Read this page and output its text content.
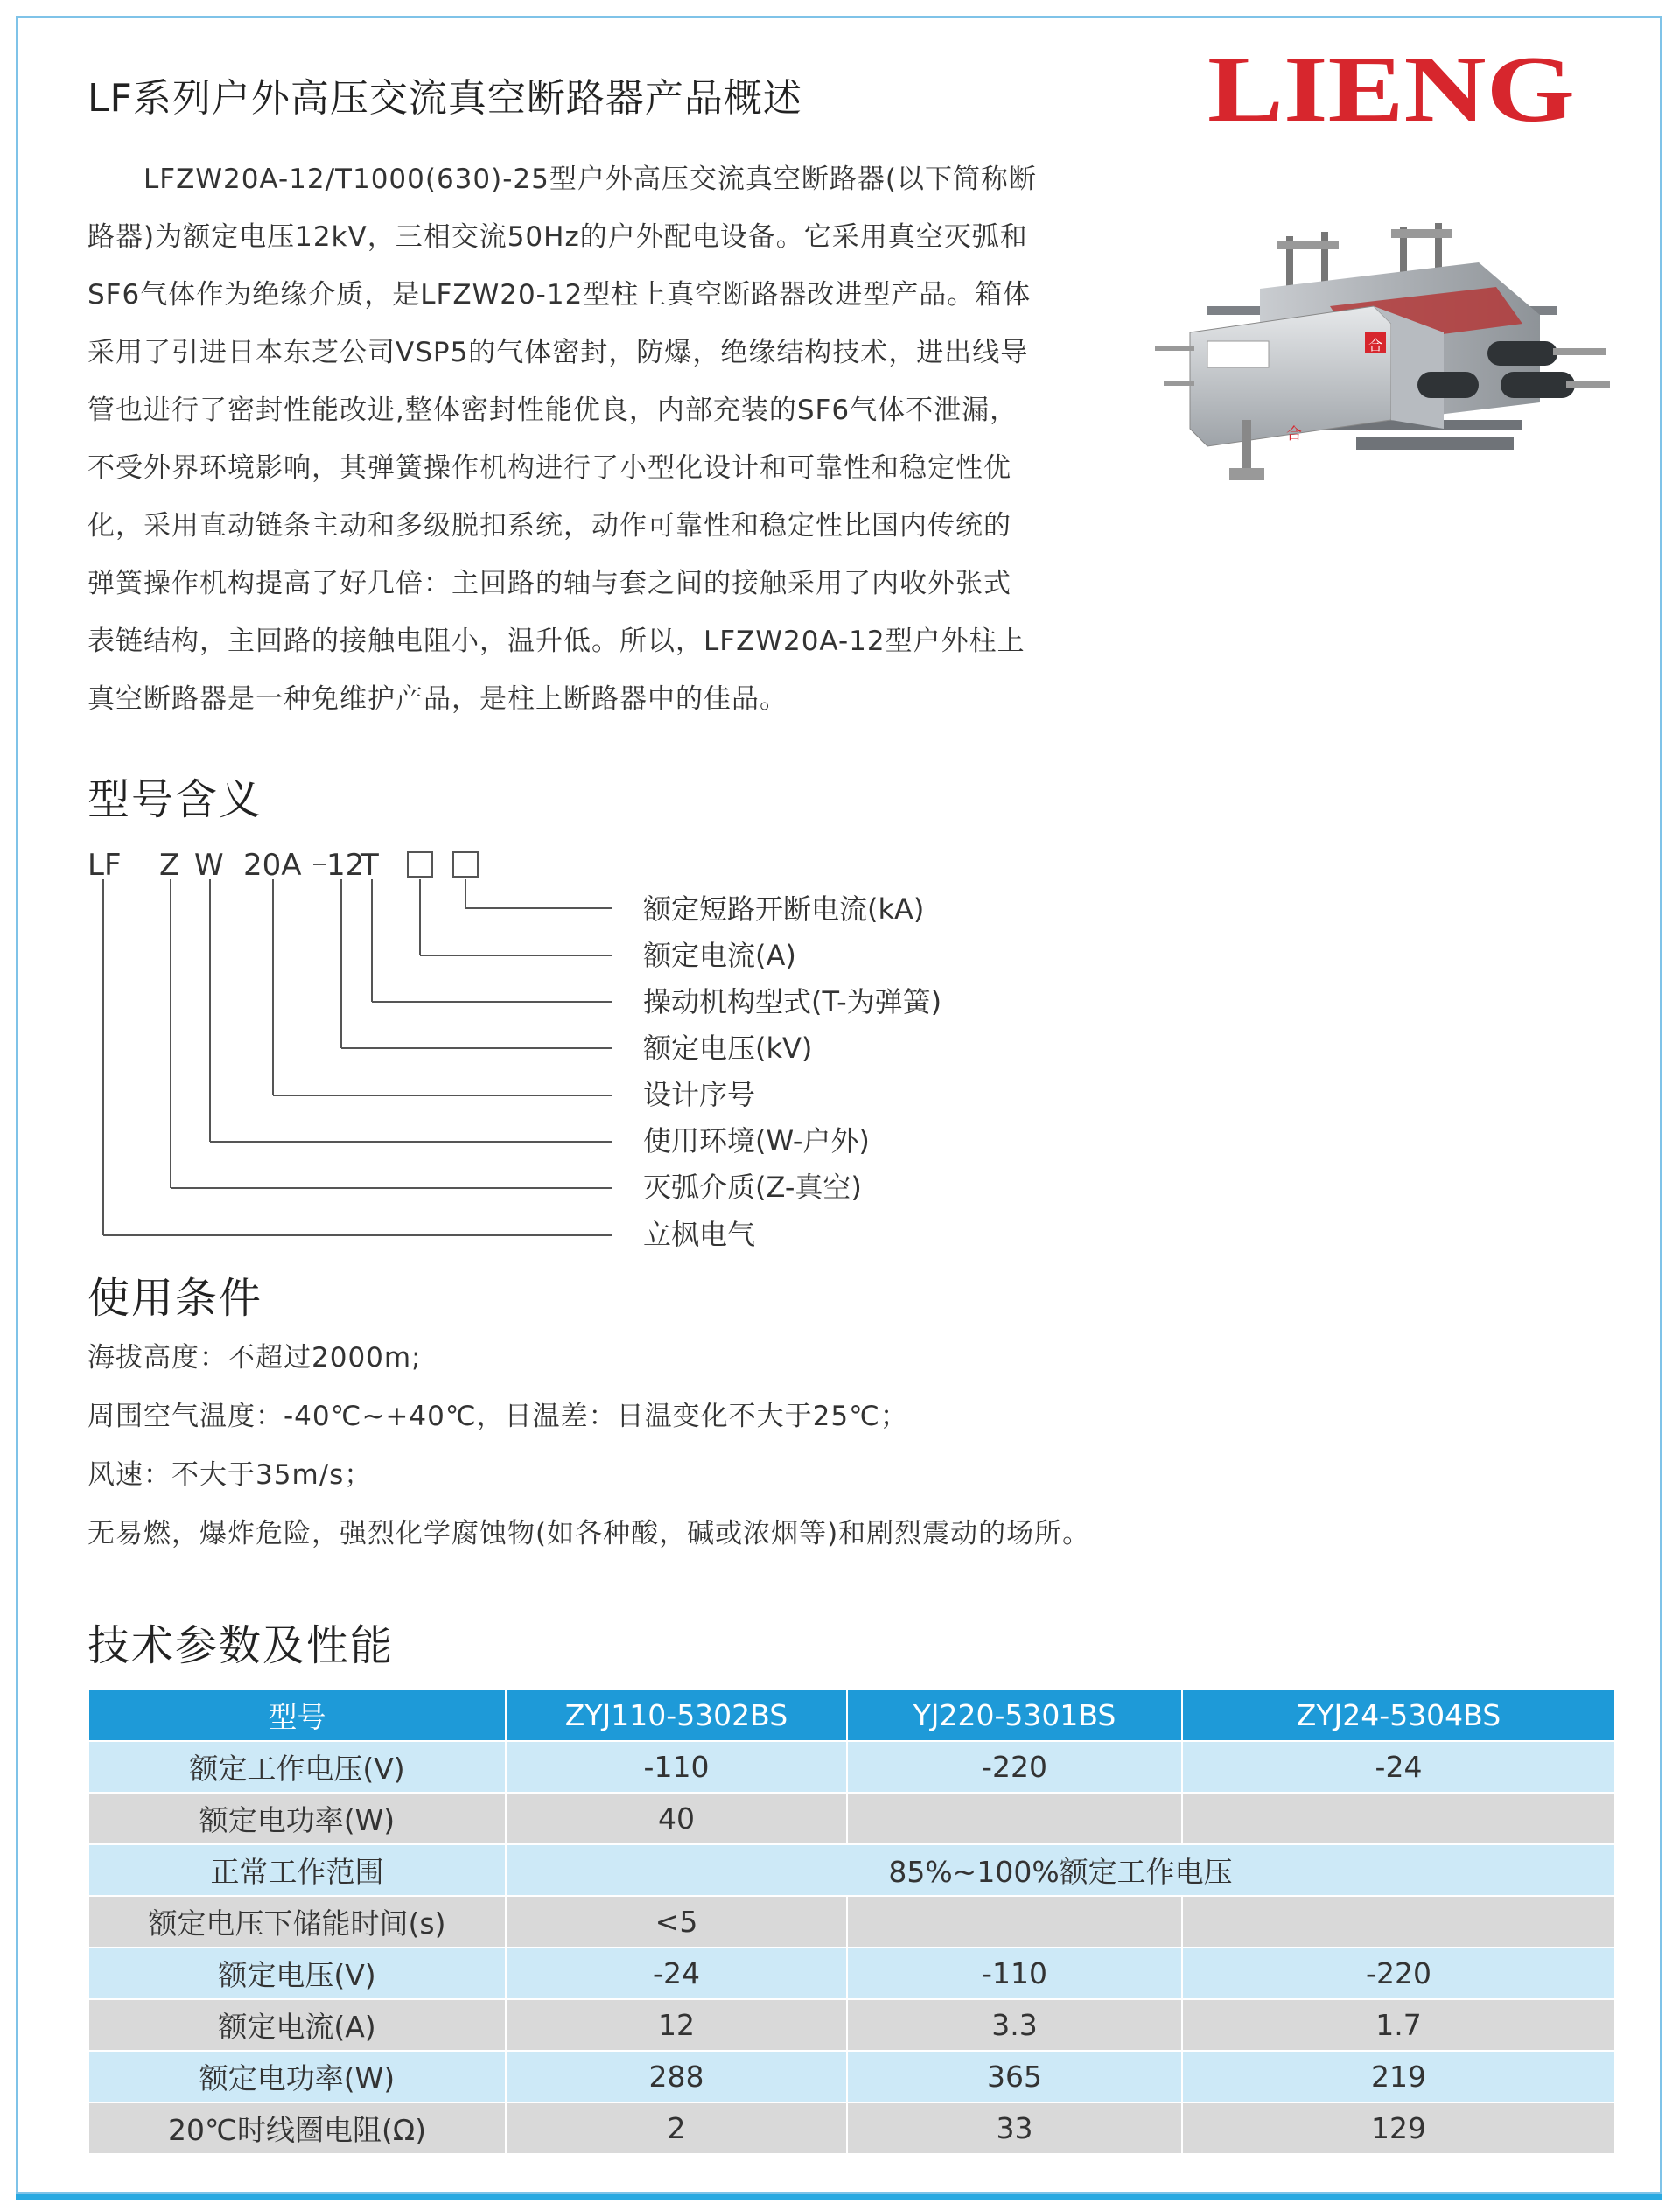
LF系列户外高压交流真空断路器产品概述	LIENG

LFZW20A-12/T1000(630)-25型户外高压交流真空断路器(以下简称断
路器)为额定电压12kV，三相交流50Hz的户外配电设备。它采用真空灭弧和
SF6气体作为绝缘介质，是LFZW20-12型柱上真空断路器改进型产品。箱体
采用了引进日本东芝公司VSP5的气体密封，防爆，绝缘结构技术，进出线导
管也进行了密封性能改进,整体密封性能优良，内部充装的SF6气体不泄漏，
不受外界环境影响，其弹簧操作机构进行了小型化设计和可靠性和稳定性优
化，采用直动链条主动和多级脱扣系统，动作可靠性和稳定性比国内传统的
弹簧操作机构提高了好几倍：主回路的轴与套之间的接触采用了内收外张式
表链结构，主回路的接触电阻小，温升低。所以，LFZW20A-12型户外柱上
真空断路器是一种免维护产品，是柱上断路器中的佳品。

合
合
型号含义
LF Z W 20A 12
T
额定短路开断电流(kA)
额定电流(A)
操动机构型式(T-为弹簧)
额定电压(kV)
设计序号
使用环境(W-户外)
灭弧介质(Z-真空)
立枫电气
使用条件
海拔高度：不超过2000m;
周围空气温度：-40℃~+40℃，日温差：日温变化不大于25℃；
风速：不大于35m/s；
无易燃，爆炸危险，强烈化学腐蚀物(如各种酸，碱或浓烟等)和剧烈震动的场所。
技术参数及性能
型号	ZYJ110-5302BS	YJ220-5301BS	ZYJ24-5304BS
额定工作电压(V)	-110	-220	-24
额定电功率(W)	40		
正常工作范围	85%~100%额定工作电压		
额定电压下储能时间(s)	<5		
额定电压(V)	-24	-110	-220
额定电流(A)	12	3.3	1.7
额定电功率(W)	288	365	219
20℃时线圈电阻(Ω)	2	33	129
